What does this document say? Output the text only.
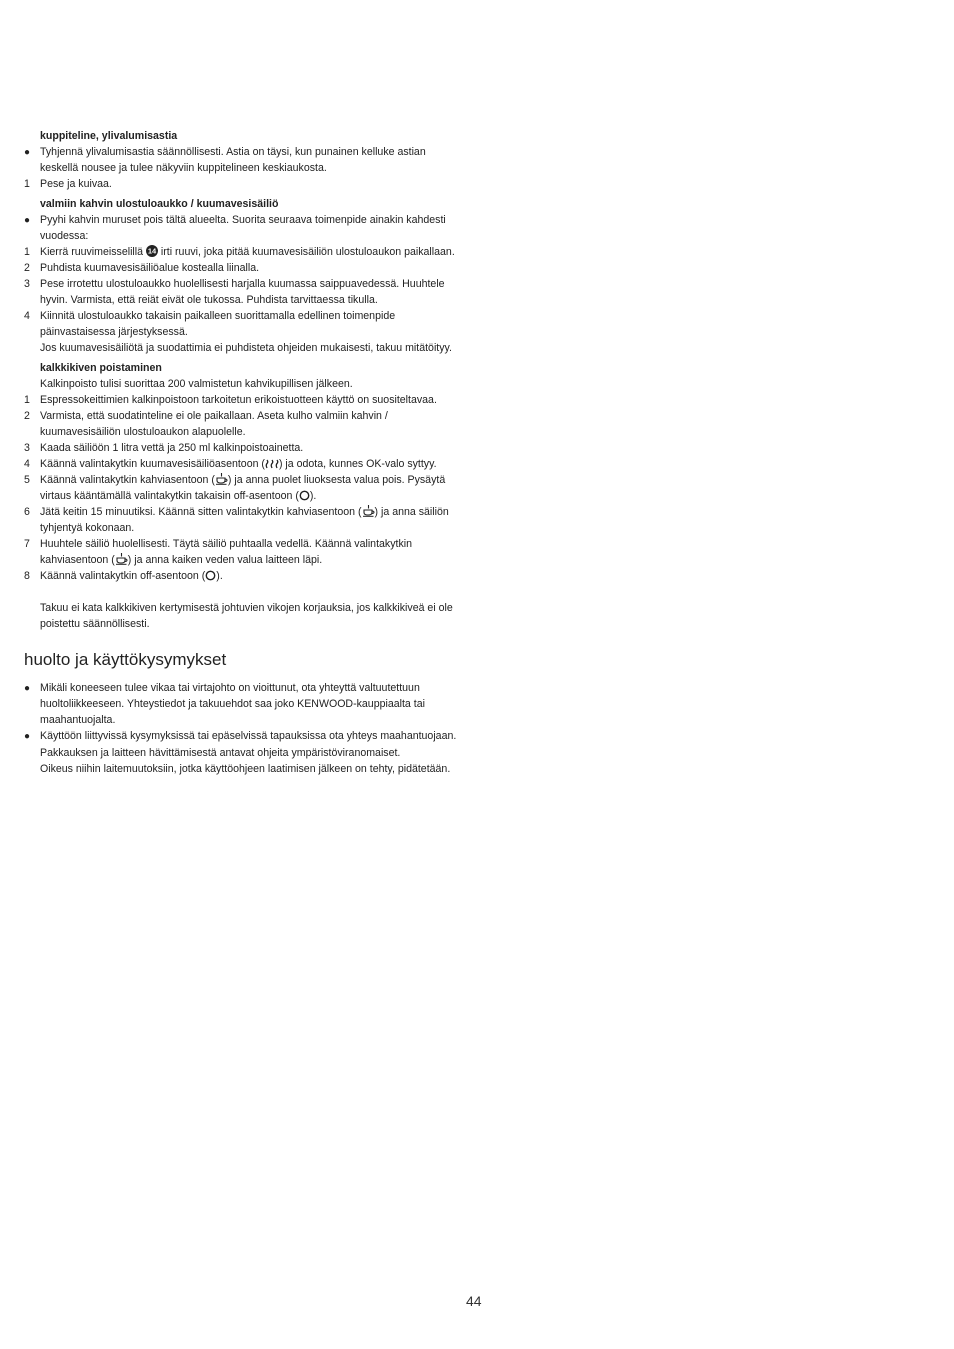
kuppiteline, ylivalumisastia
●
Tyhjennä ylivalumisastia säännöllisesti. Astia on täysi, kun punainen kelluke astian keskellä nousee ja tulee näkyviin kuppitelineen keskiaukosta.
1 Pese ja kuivaa.
valmiin kahvin ulostuloaukko / kuumavesisäiliö
●
Pyyhi kahvin muruset pois tältä alueelta. Suorita seuraava toimenpide ainakin kahdesti vuodessa:
1 Kierrä ruuvimeisselillä 14 irti ruuvi, joka pitää kuumavesisäiliön ulostuloaukon paikallaan.
2 Puhdista kuumavesisäiliöalue kostealla liinalla.
3 Pese irrotettu ulostuloaukko huolellisesti harjalla kuumassa saippuavedessä. Huuhtele hyvin. Varmista, että reiät eivät ole tukossa. Puhdista tarvittaessa tikulla.
4 Kiinnitä ulostuloaukko takaisin paikalleen suorittamalla edellinen toimenpide päinvastaisessa järjestyksessä.
Jos kuumavesisäiliötä ja suodattimia ei puhdisteta ohjeiden mukaisesti, takuu mitätöityy.
kalkkikiven poistaminen
Kalkinpoisto tulisi suorittaa 200 valmistetun kahvikupillisen jälkeen.
1 Espressokeittimien kalkinpoistoon tarkoitetun erikoistuotteen käyttö on suositeltavaa.
2 Varmista, että suodatinteline ei ole paikallaan. Aseta kulho valmiin kahvin / kuumavesisäiliön ulostuloaukon alapuolelle.
3 Kaada säiliöön 1 litra vettä ja 250 ml kalkinpoistoainetta.
4 Käännä valintakytkin kuumavesisäiliöasentoon ( ) ja odota, kunnes OK-valo syttyy.
5 Käännä valintakytkin kahviasentoon ( ) ja anna puolet liuoksesta valua pois. Pysäytä virtaus kääntämällä valintakytkin takaisin off-asentoon ( ).
6 Jätä keitin 15 minuutiksi. Käännä sitten valintakytkin kahviasentoon ( ) ja anna säiliön tyhjentyä kokonaan.
7 Huuhtele säiliö huolellisesti. Täytä säiliö puhtaalla vedellä. Käännä valintakytkin kahviasentoon ( ) ja anna kaiken veden valua laitteen läpi.
8 Käännä valintakytkin off-asentoon ( ).
Takuu ei kata kalkkikiven kertymisestä johtuvien vikojen korjauksia, jos kalkkikiveä ei ole poistettu säännöllisesti.
huolto ja käyttökysymykset
●
Mikäli koneeseen tulee vikaa tai virtajohto on vioittunut, ota yhteyttä valtuutettuun huoltoliikkeeseen. Yhteystiedot ja takuuehdot saa joko KENWOOD-kauppiaalta tai maahantuojalta.
●
Käyttöön liittyvissä kysymyksissä tai epäselvissä tapauksissa ota yhteys maahantuojaan.
Pakkauksen ja laitteen hävittämisestä antavat ohjeita ympäristöviranomaiset.
Oikeus niihin laitemuutoksiin, jotka käyttöohjeen laatimisen jälkeen on tehty, pidätetään.
44
